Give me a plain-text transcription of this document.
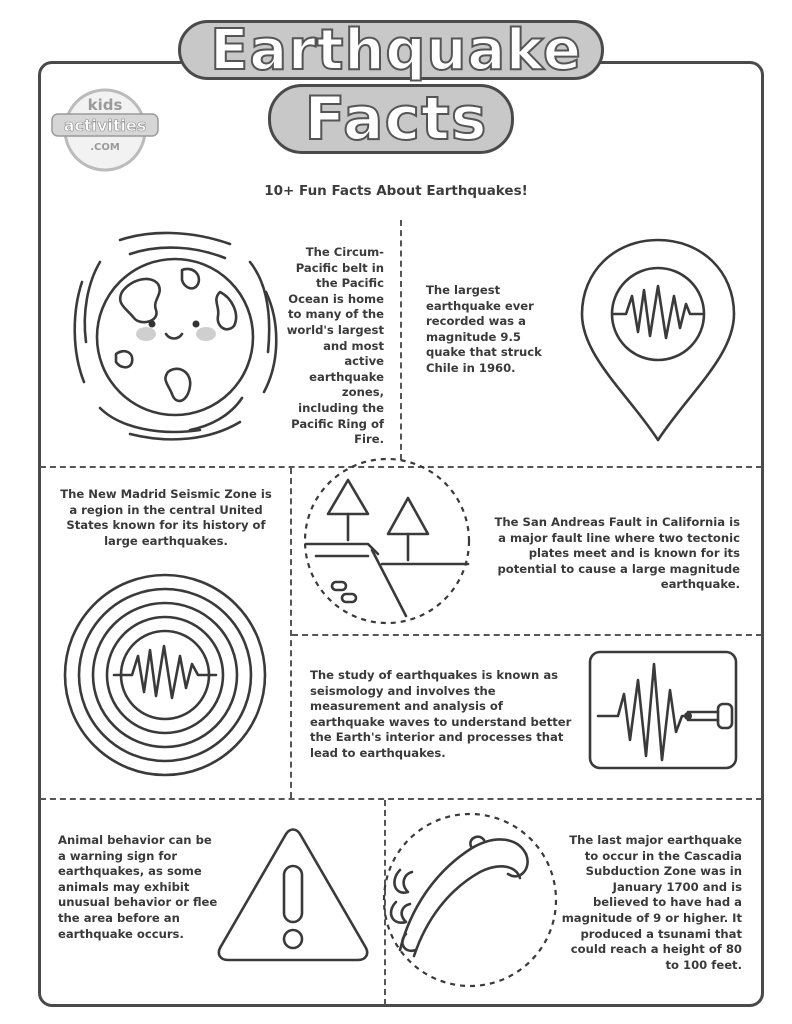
Earthquake
Facts
kids
activities
.COM
10+ Fun Facts About Earthquakes!
The Circum-Pacific belt in the Pacific Ocean is home to many of the world's largest and most active earthquake zones, including the Pacific Ring of Fire.
The largest earthquake ever recorded was a magnitude 9.5 quake that struck Chile in 1960.
The New Madrid Seismic Zone is a region in the central United States known for its history of large earthquakes.
The San Andreas Fault in California is a major fault line where two tectonic plates meet and is known for its potential to cause a large magnitude earthquake.
The study of earthquakes is known as seismology and involves the measurement and analysis of earthquake waves to understand better the Earth's interior and processes that lead to earthquakes.
Animal behavior can be a warning sign for earthquakes, as some animals may exhibit unusual behavior or flee the area before an earthquake occurs.
The last major earthquake to occur in the Cascadia Subduction Zone was in January 1700 and is believed to have had a magnitude of 9 or higher. It produced a tsunami that could reach a height of 80 to 100 feet.
